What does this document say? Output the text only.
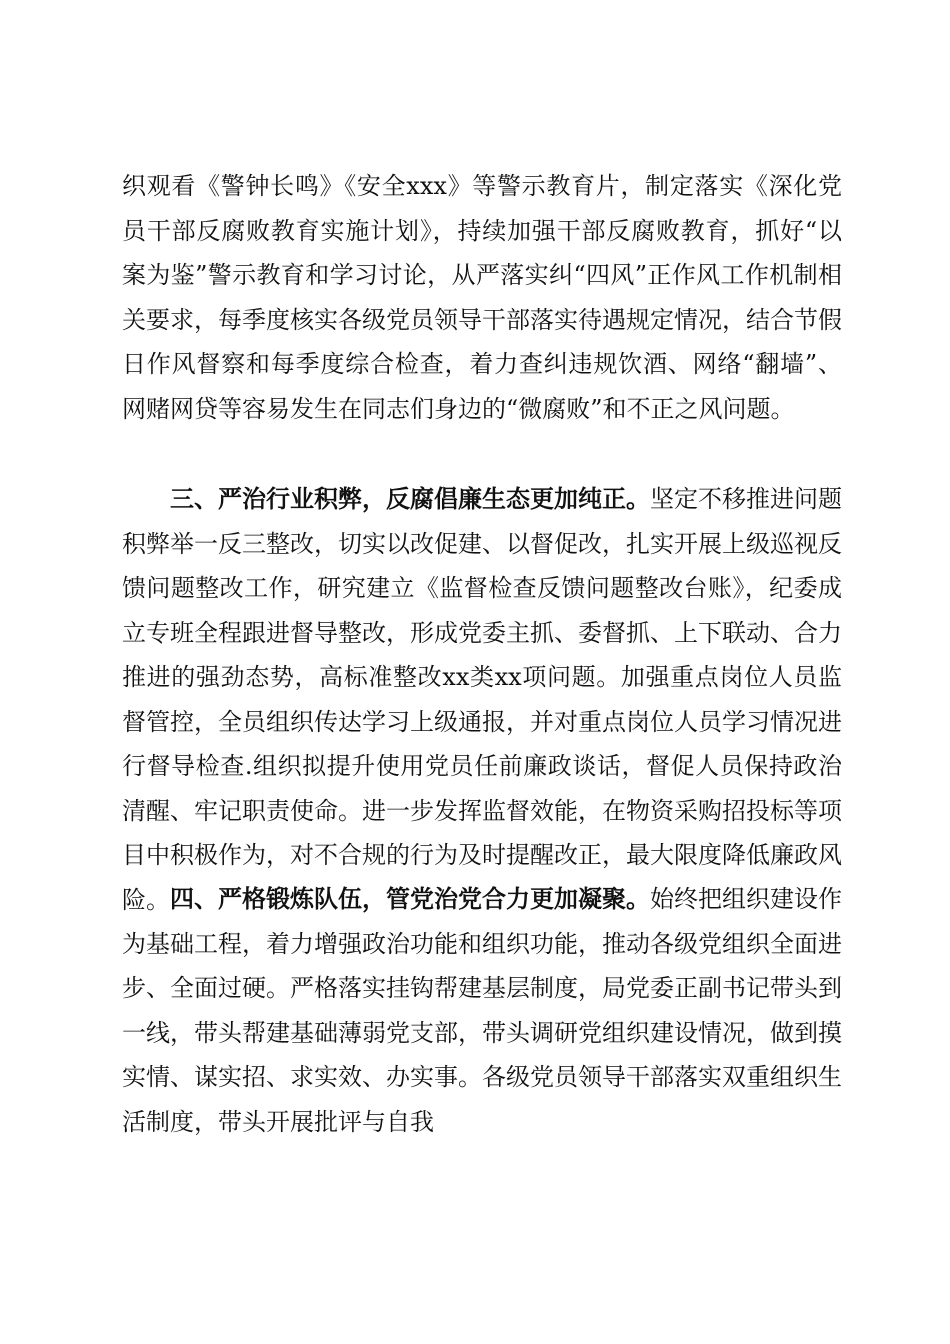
织观看《警钟长鸣》《安全xxx》等警示教育片，制定落实《深化党员干部反腐败教育实施计划》，持续加强干部反腐败教育，抓好“以案为鉴”警示教育和学习讨论，从严落实纠“四风”正作风工作机制相关要求，每季度核实各级党员领导干部落实待遇规定情况，结合节假日作风督察和每季度综合检查，着力查纠违规饮酒、网络“翻墙”、网赌网贷等容易发生在同志们身边的“微腐败”和不正之风问题。

三、严治行业积弊，反腐倡廉生态更加纯正。坚定不移推进问题积弊举一反三整改，切实以改促建、以督促改，扎实开展上级巡视反馈问题整改工作，研究建立《监督检查反馈问题整改台账》，纪委成立专班全程跟进督导整改，形成党委主抓、委督抓、上下联动、合力推进的强劲态势，高标准整改xx类xx项问题。加强重点岗位人员监督管控，全员组织传达学习上级通报，并对重点岗位人员学习情况进行督导检查.组织拟提升使用党员任前廉政谈话，督促人员保持政治清醒、牢记职责使命。进一步发挥监督效能，在物资采购招投标等项目中积极作为，对不合规的行为及时提醒改正，最大限度降低廉政风险。 四、严格锻炼队伍，管党治党合力更加凝聚。始终把组织建设作为基础工程，着力增强政治功能和组织功能，推动各级党组织全面进步、全面过硬。严格落实挂钩帮建基层制度，局党委正副书记带头到一线，带头帮建基础薄弱党支部，带头调研党组织建设情况，做到摸实情、谋实招、求实效、办实事。各级党员领导干部落实双重组织生活制度，带头开展批评与自我
